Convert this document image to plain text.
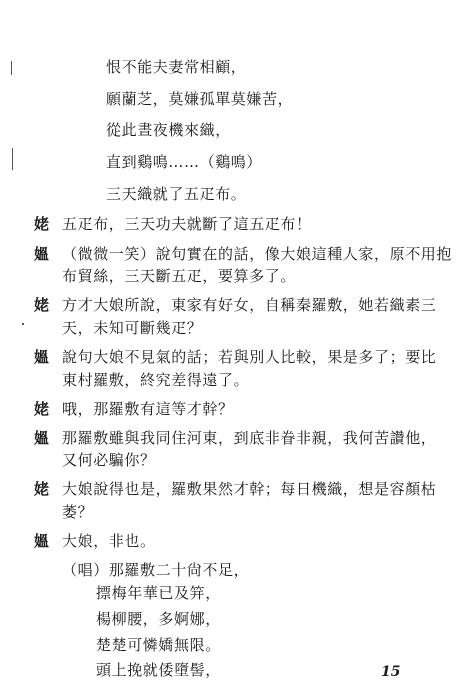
恨不能夫妻常相顧，
願蘭芝，莫嫌孤單莫嫌苦，
從此晝夜機來織，
直到鷄鳴……（鷄鳴）
三天織就了五疋布。
姥 五疋布，三天功夫就斷了這五疋布！
媼 （微微一笑）說句實在的話，像大娘這種人家，原不用抱
布貿絲，三天斷五疋，要算多了。
姥 方才大娘所說，東家有好女，自稱秦羅敷，她若織素三
天，未知可斷幾疋？
媼 說句大娘不見氣的話；若與別人比較，果是多了；要比
東村羅敷，終究差得遠了。
姥 哦，那羅敷有這等才幹？
媼 那羅敷雖與我同住河東，到底非眷非親，我何苦讚他，
又何必騙你？
姥 大娘說得也是，羅敷果然才幹；每日機織，想是容顏枯
萎？
媼 大娘，非也。
（唱）那羅敷二十尙不足，
摽梅年華已及笄，
楊柳腰，多婀娜，
楚楚可憐嬌無限。
頭上挽就倭墮髻，	15
